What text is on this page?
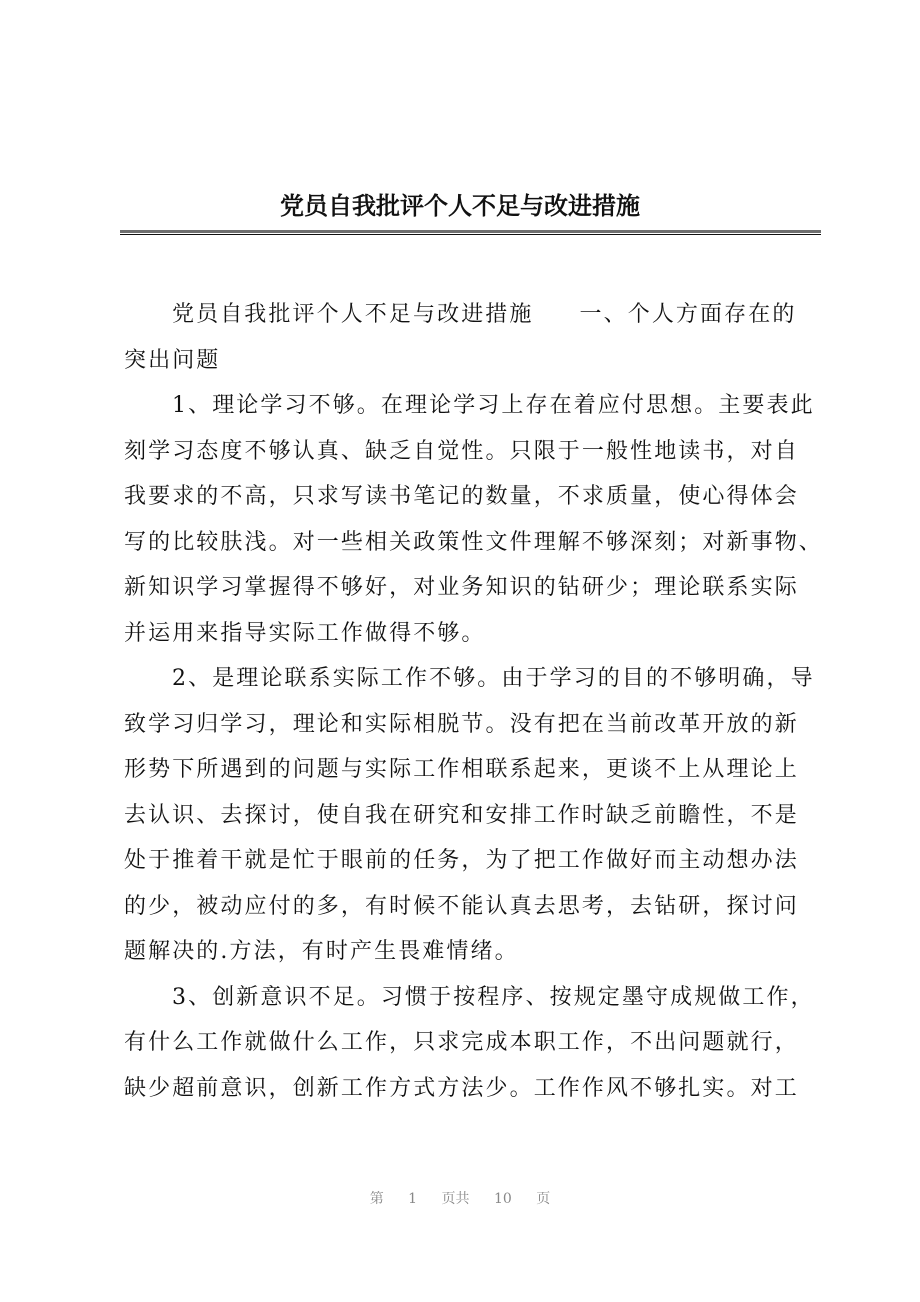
党员自我批评个人不足与改进措施

党员自我批评个人不足与改进措施 一、个人方面存在的
突出问题

1、理论学习不够。在理论学习上存在着应付思想。主要表此
刻学习态度不够认真、缺乏自觉性。只限于一般性地读书，对自
我要求的不高，只求写读书笔记的数量，不求质量，使心得体会
写的比较肤浅。对一些相关政策性文件理解不够深刻；对新事物、
新知识学习掌握得不够好，对业务知识的钻研少；理论联系实际
并运用来指导实际工作做得不够。

2、是理论联系实际工作不够。由于学习的目的不够明确，导
致学习归学习，理论和实际相脱节。没有把在当前改革开放的新
形势下所遇到的问题与实际工作相联系起来，更谈不上从理论上
去认识、去探讨，使自我在研究和安排工作时缺乏前瞻性，不是
处于推着干就是忙于眼前的任务，为了把工作做好而主动想办法
的少，被动应付的多，有时候不能认真去思考，去钻研，探讨问
题解决的.方法，有时产生畏难情绪。

3、创新意识不足。习惯于按程序、按规定墨守成规做工作，
有什么工作就做什么工作，只求完成本职工作，不出问题就行，
缺少超前意识，创新工作方式方法少。工作作风不够扎实。对工

第 1 页共 10 页
